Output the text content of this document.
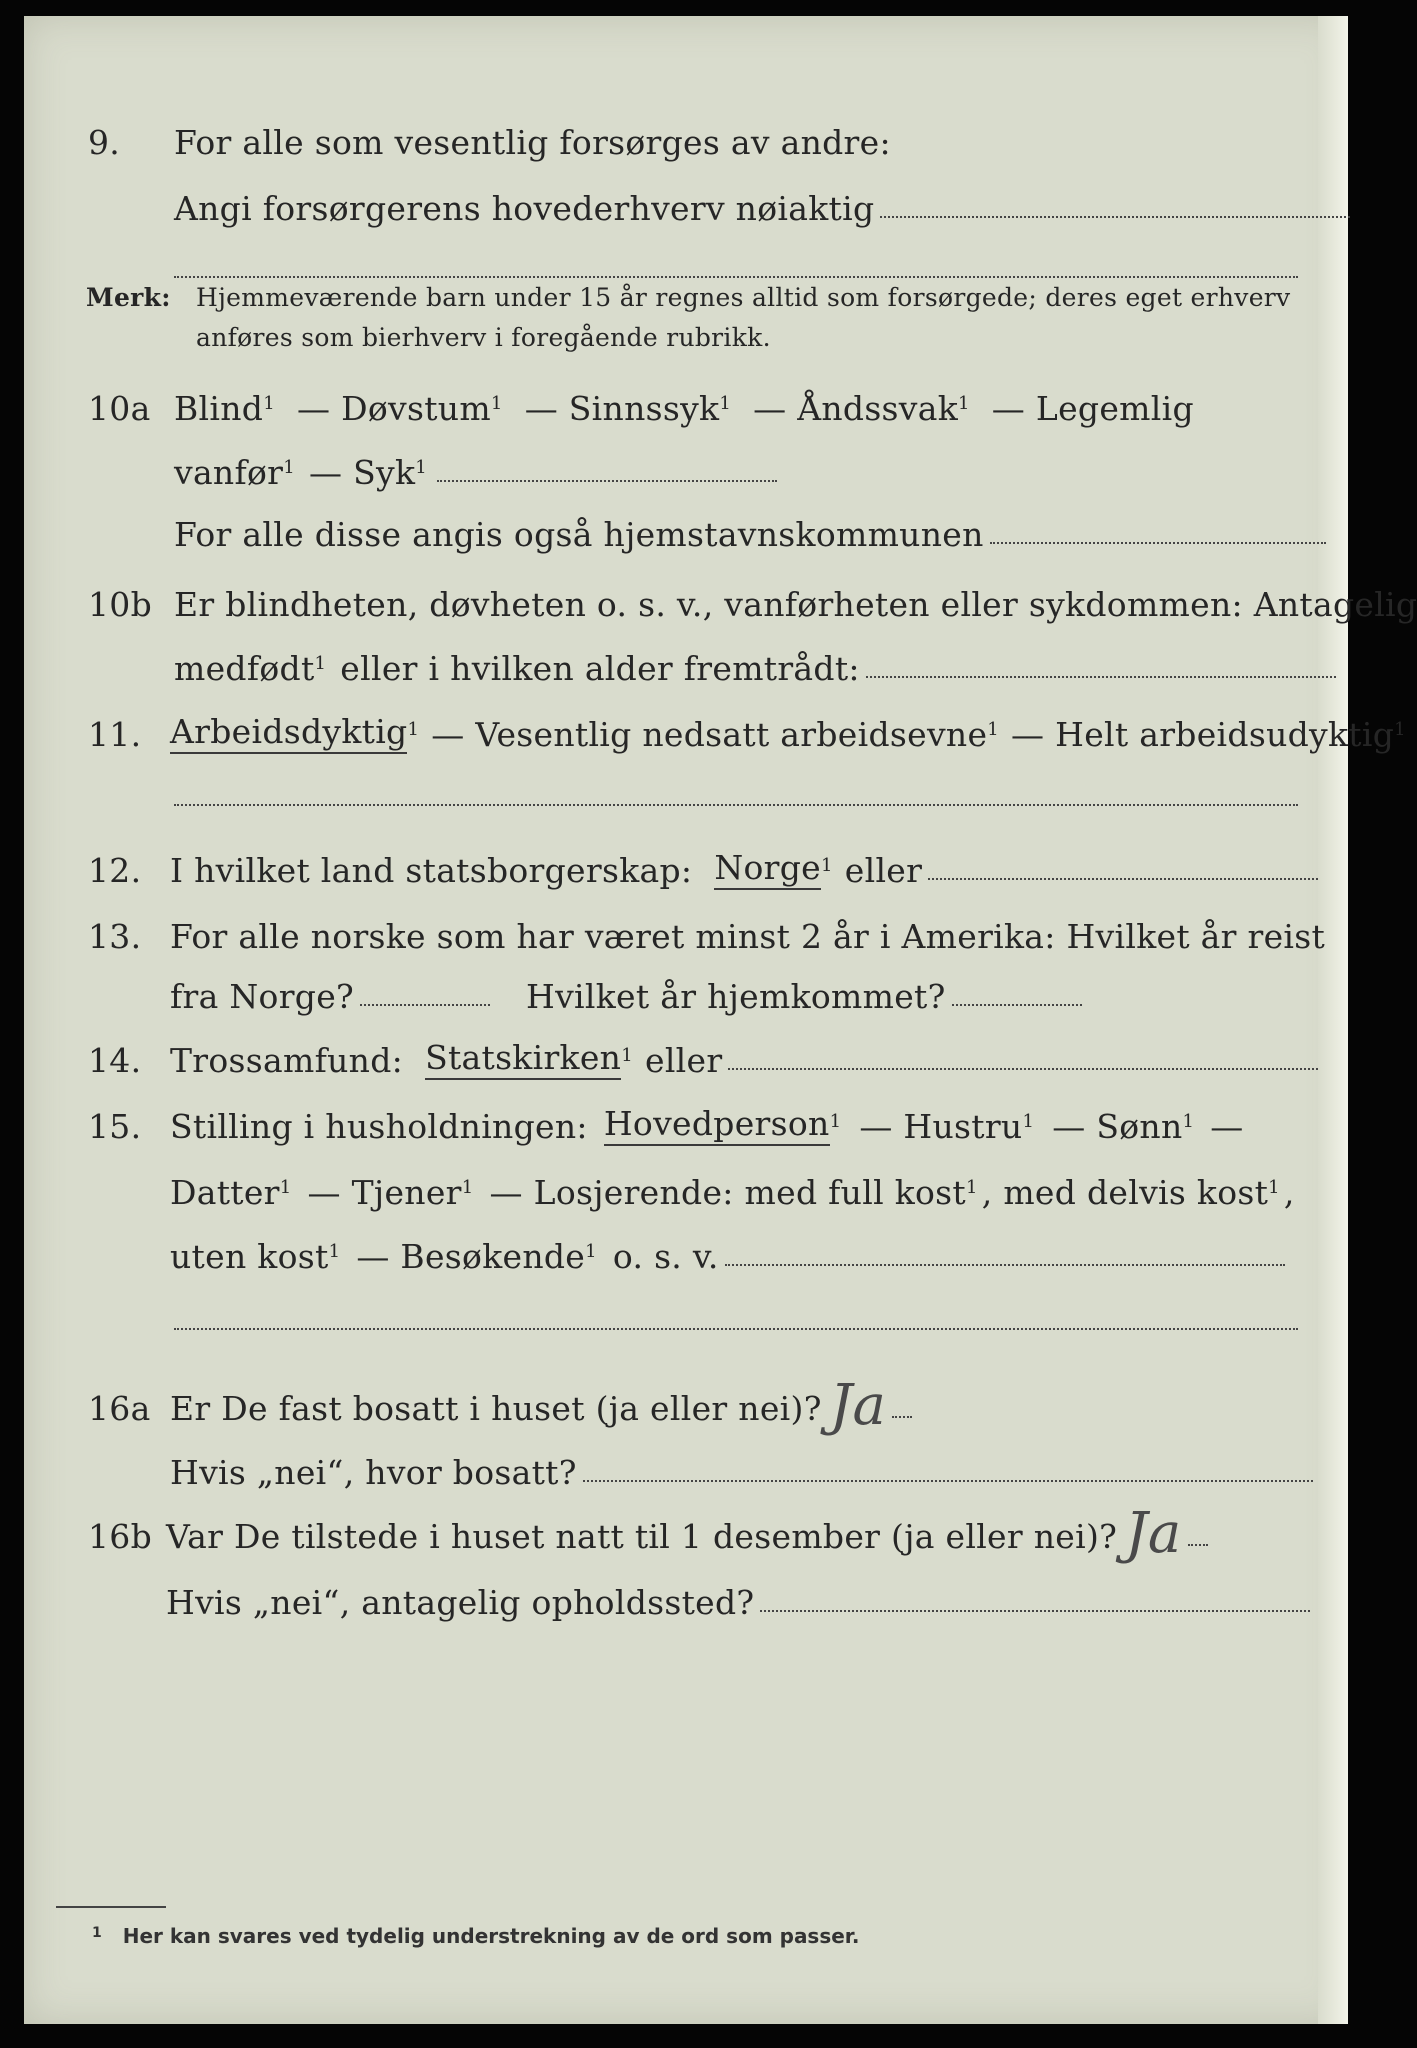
9. For alle som vesentlig forsørges av andre:
Angi forsørgerens hovederhverv nøiaktig
Merk: Hjemmeværende barn under 15 år regnes alltid som forsørgede; deres eget erhverv
anføres som bierhverv i foregående rubrikk.
10a Blind 1 — Døvstum 1 — Sinnssyk 1 — Åndssvak 1 — Legemlig
vanfør 1 — Syk 1
For alle disse angis også hjemstavnskommunen
10b Er blindheten, døvheten o. s. v., vanførheten eller sykdommen: Antagelig
medfødt 1 eller i hvilken alder fremtrådt:
11. Arbeidsdyktig 1 — Vesentlig nedsatt arbeidsevne 1 — Helt arbeidsudyktig 1
12. I hvilket land statsborgerskap: Norge 1 eller
13. For alle norske som har været minst 2 år i Amerika: Hvilket år reist
fra Norge?	Hvilket år hjemkommet?
14. Trossamfund: Statskirken 1 eller
15. Stilling i husholdningen: Hovedperson 1 — Hustru 1 — Sønn 1 —
Datter 1 — Tjener 1 — Losjerende: med full kost 1 , med delvis kost 1 ,
uten kost 1 — Besøkende 1 o. s. v.
16a Er De fast bosatt i huset (ja eller nei)? Ja
Hvis „nei“, hvor bosatt?
16b Var De tilstede i huset natt til 1 desember (ja eller nei)? Ja
Hvis „nei“, antagelig opholdssted?
$^1$ Her kan svares ved tydelig understrekning av de ord som passer.
